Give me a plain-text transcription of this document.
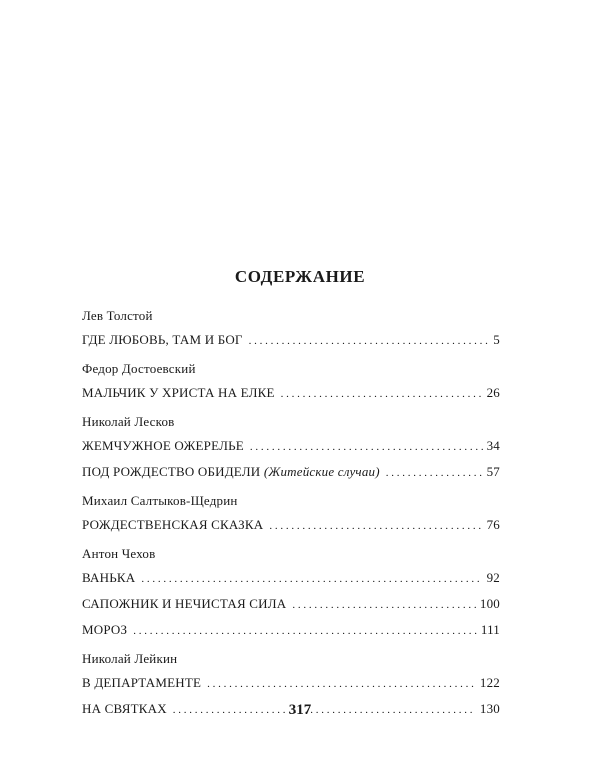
СОДЕРЖАНИЕ
Лев Толстой
ГДЕ ЛЮБОВЬ, ТАМ И БОГ . . .	5
Федор Достоевский
МАЛЬЧИК У ХРИСТА НА ЕЛКЕ . . .	26
Николай Лесков
ЖЕМЧУЖНОЕ ОЖЕРЕЛЬЕ . . .	34
ПОД РОЖДЕСТВО ОБИДЕЛИ (Житейские случаи) . . .	57
Михаил Салтыков-Щедрин
РОЖДЕСТВЕНСКАЯ СКАЗКА . . .	76
Антон Чехов
ВАНЬКА . . .	92
САПОЖНИК И НЕЧИСТАЯ СИЛА . . .	100
МОРОЗ . . .	111
Николай Лейкин
В ДЕПАРТАМЕНТЕ . . .	122
НА СВЯТКАХ . . .	130
317
